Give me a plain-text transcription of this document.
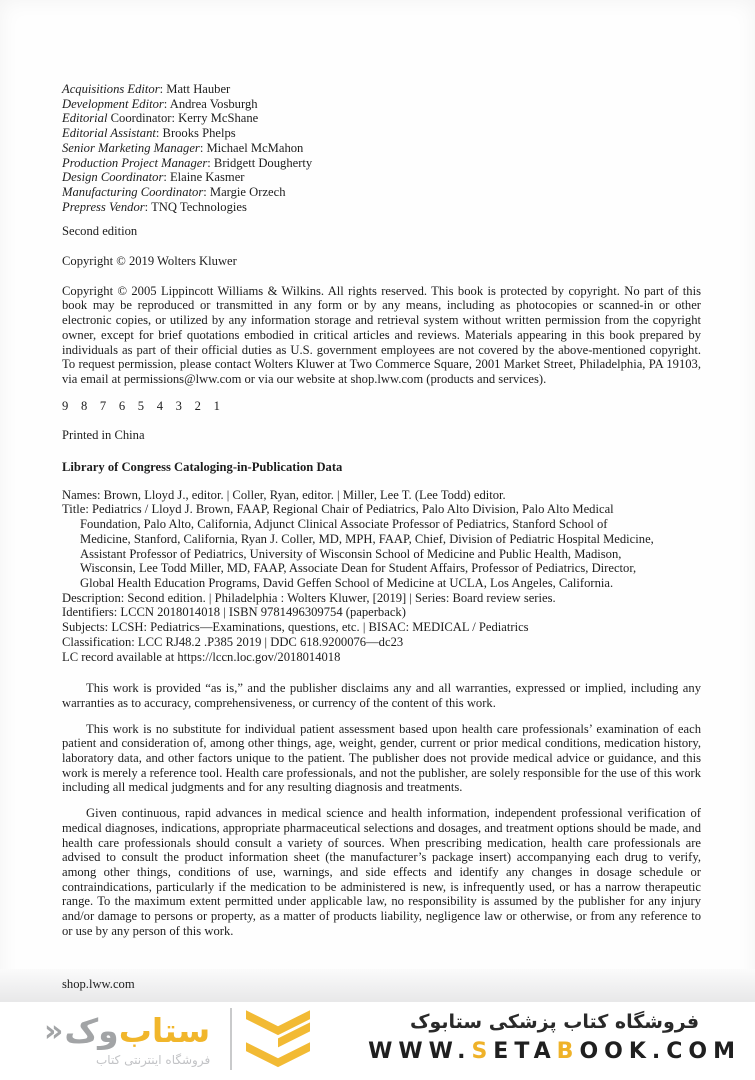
Acquisitions Editor: Matt Hauber
Development Editor: Andrea Vosburgh
Editorial Coordinator: Kerry McShane
Editorial Assistant: Brooks Phelps
Senior Marketing Manager: Michael McMahon
Production Project Manager: Bridgett Dougherty
Design Coordinator: Elaine Kasmer
Manufacturing Coordinator: Margie Orzech
Prepress Vendor: TNQ Technologies
Second edition
Copyright © 2019 Wolters Kluwer

Copyright © 2005 Lippincott Williams & Wilkins. All rights reserved. This book is protected by copyright. No part of this book may be reproduced or transmitted in any form or by any means, including as photocopies or scanned-in or other electronic copies, or utilized by any information storage and retrieval system without written permission from the copyright owner, except for brief quotations embodied in critical articles and reviews. Materials appearing in this book prepared by individuals as part of their official duties as U.S. government employees are not covered by the above-mentioned copyright. To request permission, please contact Wolters Kluwer at Two Commerce Square, 2001 Market Street, Philadelphia, PA 19103, via email at permissions@lww.com or via our website at shop.lww.com (products and services).

9 8 7 6 5 4 3 2 1
Printed in China
Library of Congress Cataloging-in-Publication Data
Names: Brown, Lloyd J., editor. | Coller, Ryan, editor. | Miller, Lee T. (Lee Todd) editor.
Title: Pediatrics / Lloyd J. Brown, FAAP, Regional Chair of Pediatrics, Palo Alto Division, Palo Alto Medical
Foundation, Palo Alto, California, Adjunct Clinical Associate Professor of Pediatrics, Stanford School of
Medicine, Stanford, California, Ryan J. Coller, MD, MPH, FAAP, Chief, Division of Pediatric Hospital Medicine,
Assistant Professor of Pediatrics, University of Wisconsin School of Medicine and Public Health, Madison,
Wisconsin, Lee Todd Miller, MD, FAAP, Associate Dean for Student Affairs, Professor of Pediatrics, Director,
Global Health Education Programs, David Geffen School of Medicine at UCLA, Los Angeles, California.
Description: Second edition. | Philadelphia : Wolters Kluwer, [2019] | Series: Board review series.
Identifiers: LCCN 2018014018 | ISBN 9781496309754 (paperback)
Subjects: LCSH: Pediatrics—Examinations, questions, etc. | BISAC: MEDICAL / Pediatrics
Classification: LCC RJ48.2 .P385 2019 | DDC 618.9200076—dc23
LC record available at https://lccn.loc.gov/2018014018

This work is provided “as is,” and the publisher disclaims any and all warranties, expressed or implied, including any warranties as to accuracy, comprehensiveness, or currency of the content of this work.

This work is no substitute for individual patient assessment based upon health care professionals’ examination of each patient and consideration of, among other things, age, weight, gender, current or prior medical conditions, medication history, laboratory data, and other factors unique to the patient. The publisher does not provide medical advice or guidance, and this work is merely a reference tool. Health care professionals, and not the publisher, are solely responsible for the use of this work including all medical judgments and for any resulting diagnosis and treatments.

Given continuous, rapid advances in medical science and health information, independent professional verification of medical diagnoses, indications, appropriate pharmaceutical selections and dosages, and treatment options should be made, and health care professionals should consult a variety of sources. When prescribing medication, health care professionals are advised to consult the product information sheet (the manufacturer’s package insert) accompanying each drug to verify, among other things, conditions of use, warnings, and side effects and identify any changes in dosage schedule or contraindications, particularly if the medication to be administered is new, is infrequently used, or has a narrow therapeutic range. To the maximum extent permitted under applicable law, no responsibility is assumed by the publisher for any injury and/or damage to persons or property, as a matter of products liability, negligence law or otherwise, or from any reference to or use by any person of this work.

shop.lww.com
ستاب
وک
«
فروشگاه اینترنتی کتاب
فروشگاه کتاب پزشکی ستابوک
WWW.SETABOOK.COM
